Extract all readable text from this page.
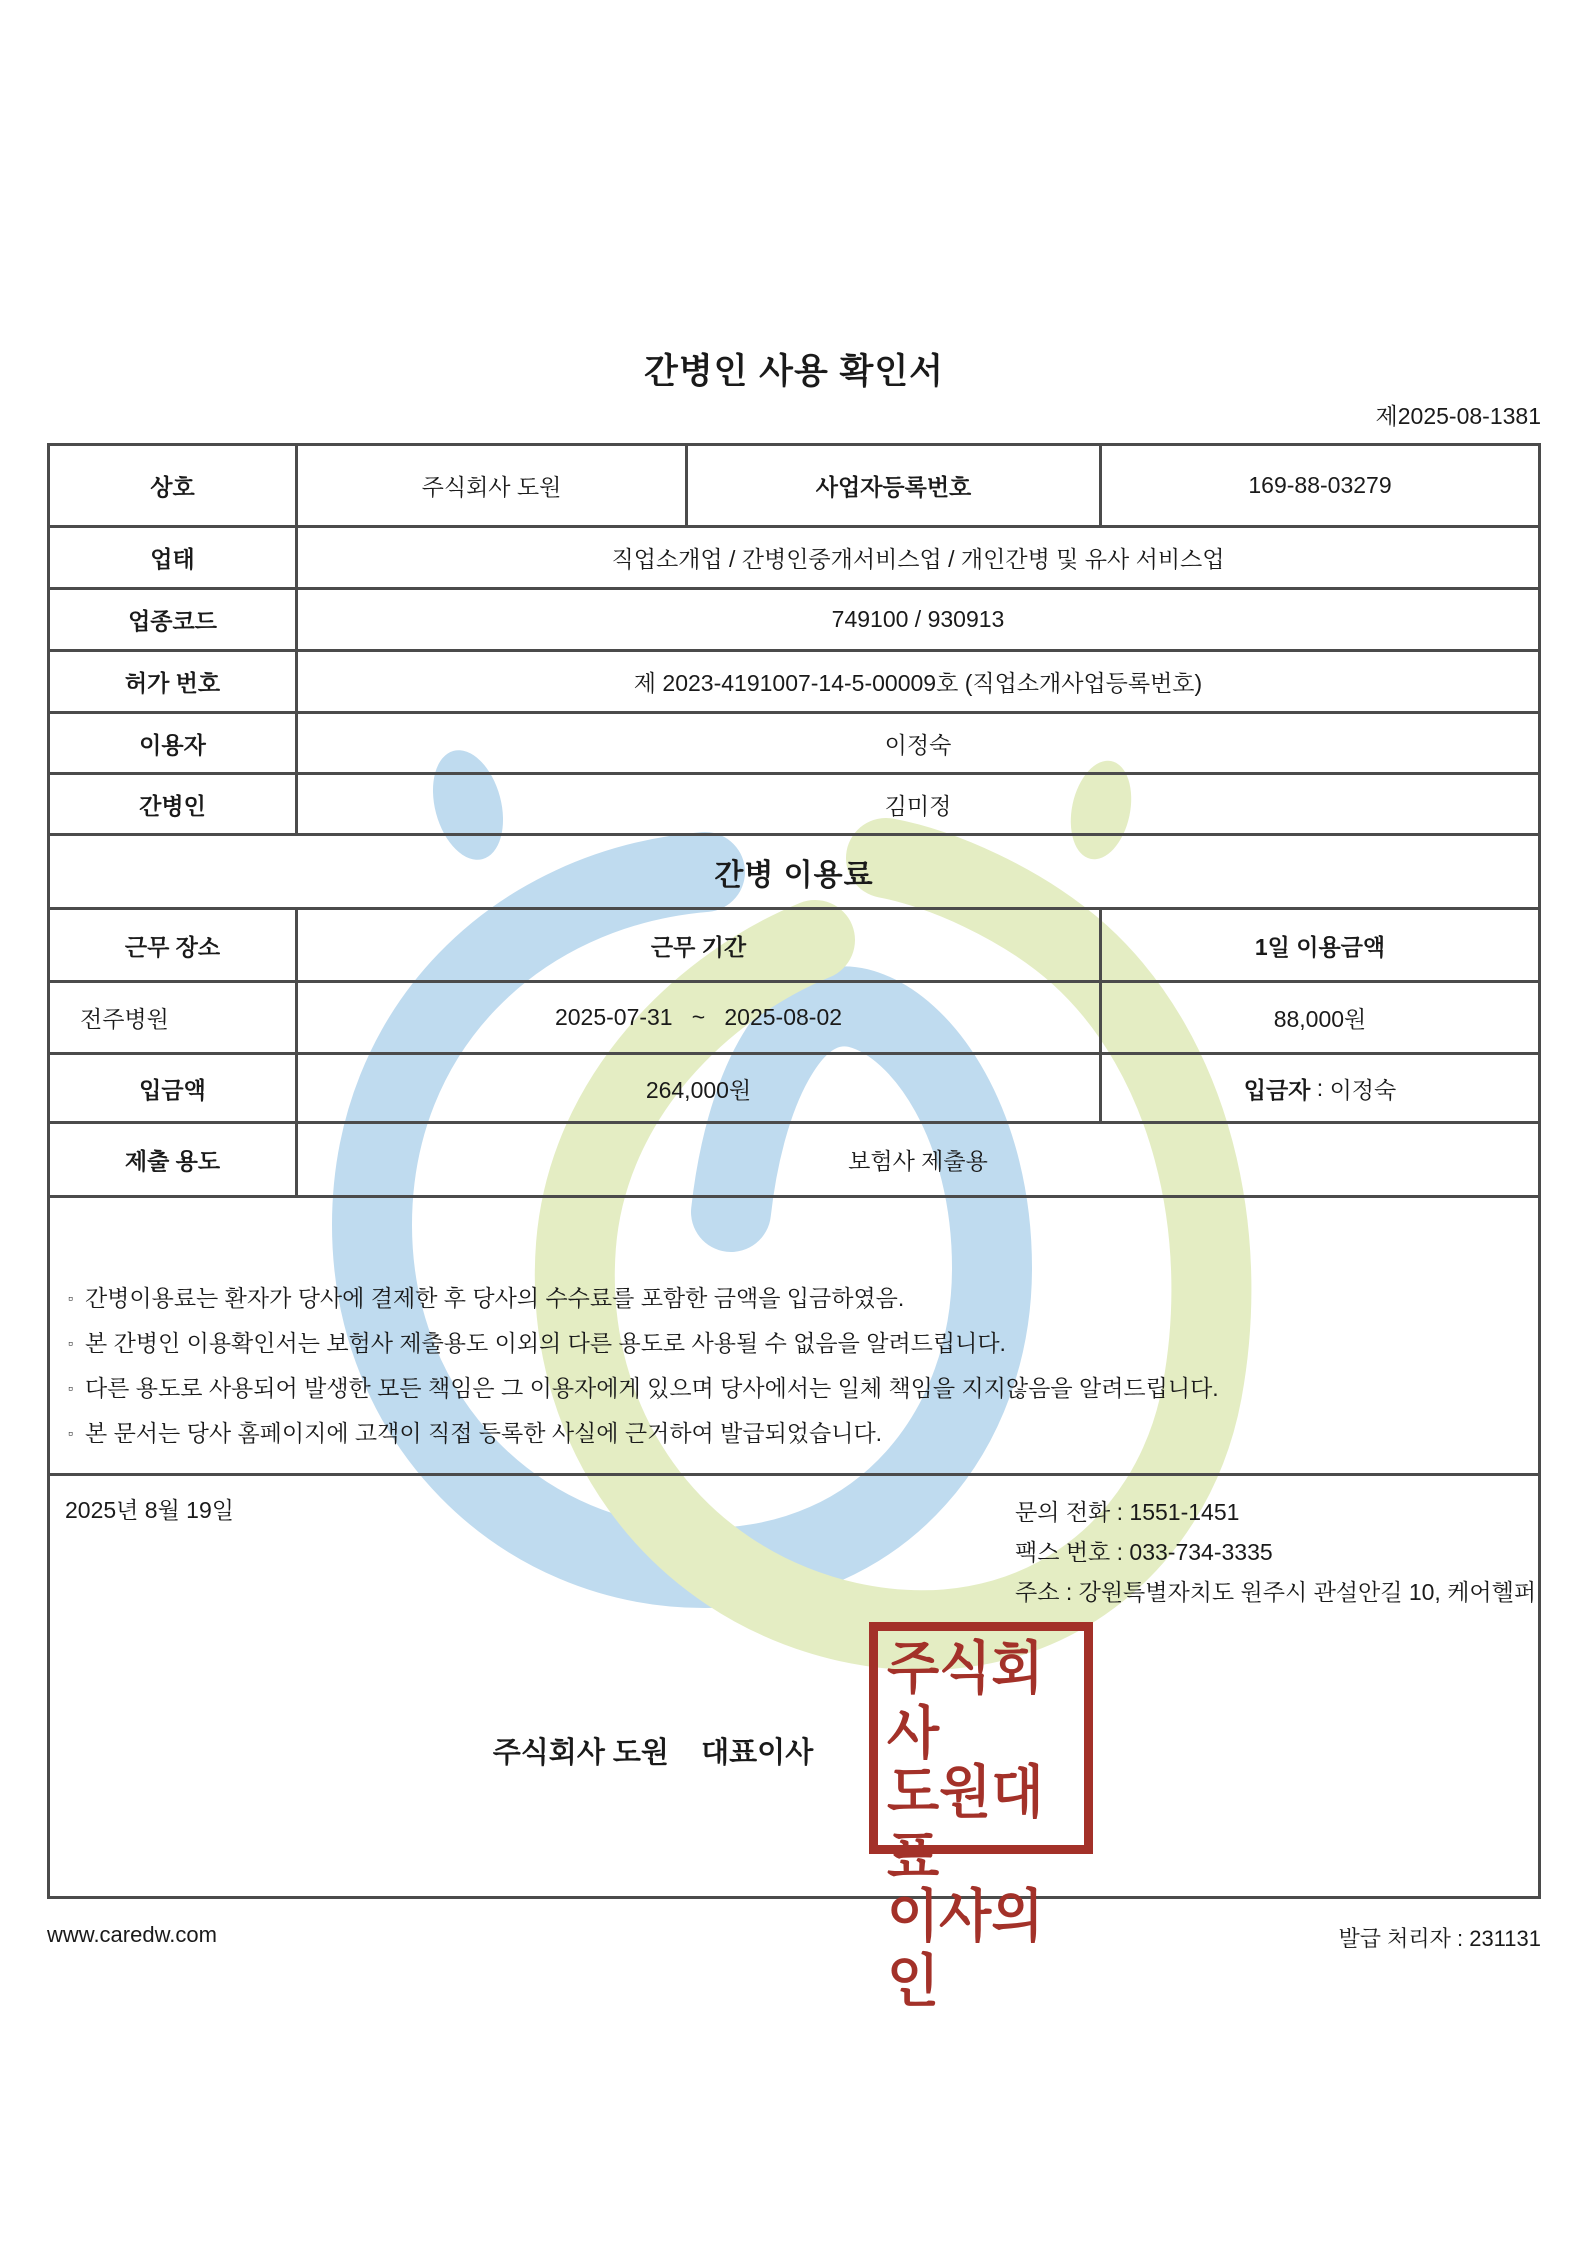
간병인 사용 확인서
제2025-08-1381
상호	주식회사 도원	사업자등록번호	169-88-03279
업태	직업소개업 / 간병인중개서비스업 / 개인간병 및 유사 서비스업
업종코드	749100 / 930913
허가 번호	제 2023-4191007-14-5-00009호 (직업소개사업등록번호)
이용자	이정숙
간병인	김미정
간병 이용료
근무 장소	근무 기간	1일 이용금액
전주병원	2025-07-31   ~   2025-08-02	88,000원
입금액	264,000원	입금자 : 이정숙
제출 용도	보험사 제출용
▫ 간병이용료는 환자가 당사에 결제한 후 당사의 수수료를 포함한 금액을 입금하였음.
▫ 본 간병인 이용확인서는 보험사 제출용도 이외의 다른 용도로 사용될 수 없음을 알려드립니다.
▫ 다른 용도로 사용되어 발생한 모든 책임은 그 이용자에게 있으며 당사에서는 일체 책임을 지지않음을 알려드립니다.
▫ 본 문서는 당사 홈페이지에 고객이 직접 등록한 사실에 근거하여 발급되었습니다.
2025년 8월 19일	문의 전화 : 1551-1451
팩스 번호 : 033-734-3335
주소 : 강원특별자치도 원주시 관설안길 10, 케어헬퍼
주식회사 도원    대표이사
주식회사
도원대표
이사의인
www.caredw.com	발급 처리자 : 231131
